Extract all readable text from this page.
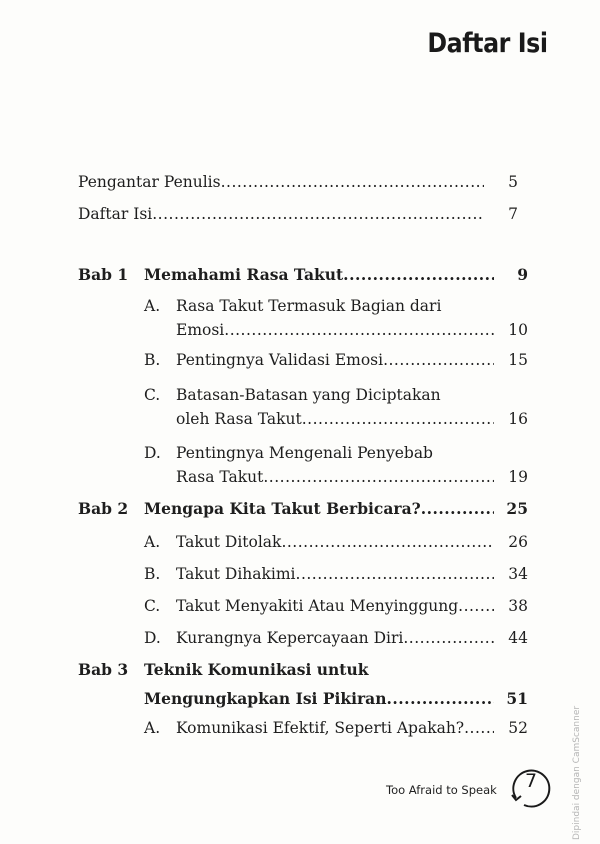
Daftar Isi
Pengantar Penulis .....	5
Daftar Isi .....	7
Bab 1 Memahami Rasa Takut .....	9
A. Rasa Takut Termasuk Bagian dari
Emosi .....	10
B. Pentingnya Validasi Emosi .....	15
C. Batasan-Batasan yang Diciptakan
oleh Rasa Takut .....	16
D. Pentingnya Mengenali Penyebab
Rasa Takut .....	19
Bab 2 Mengapa Kita Takut Berbicara? .....	25
A. Takut Ditolak .....	26
B. Takut Dihakimi .....	34
C. Takut Menyakiti Atau Menyinggung .....	38
D. Kurangnya Kepercayaan Diri .....	44
Bab 3 Teknik Komunikasi untuk
Mengungkapkan Isi Pikiran .....	51
A. Komunikasi Efektif, Seperti Apakah? .....	52
Too Afraid to Speak	7	Dipindai dengan CamScanner
